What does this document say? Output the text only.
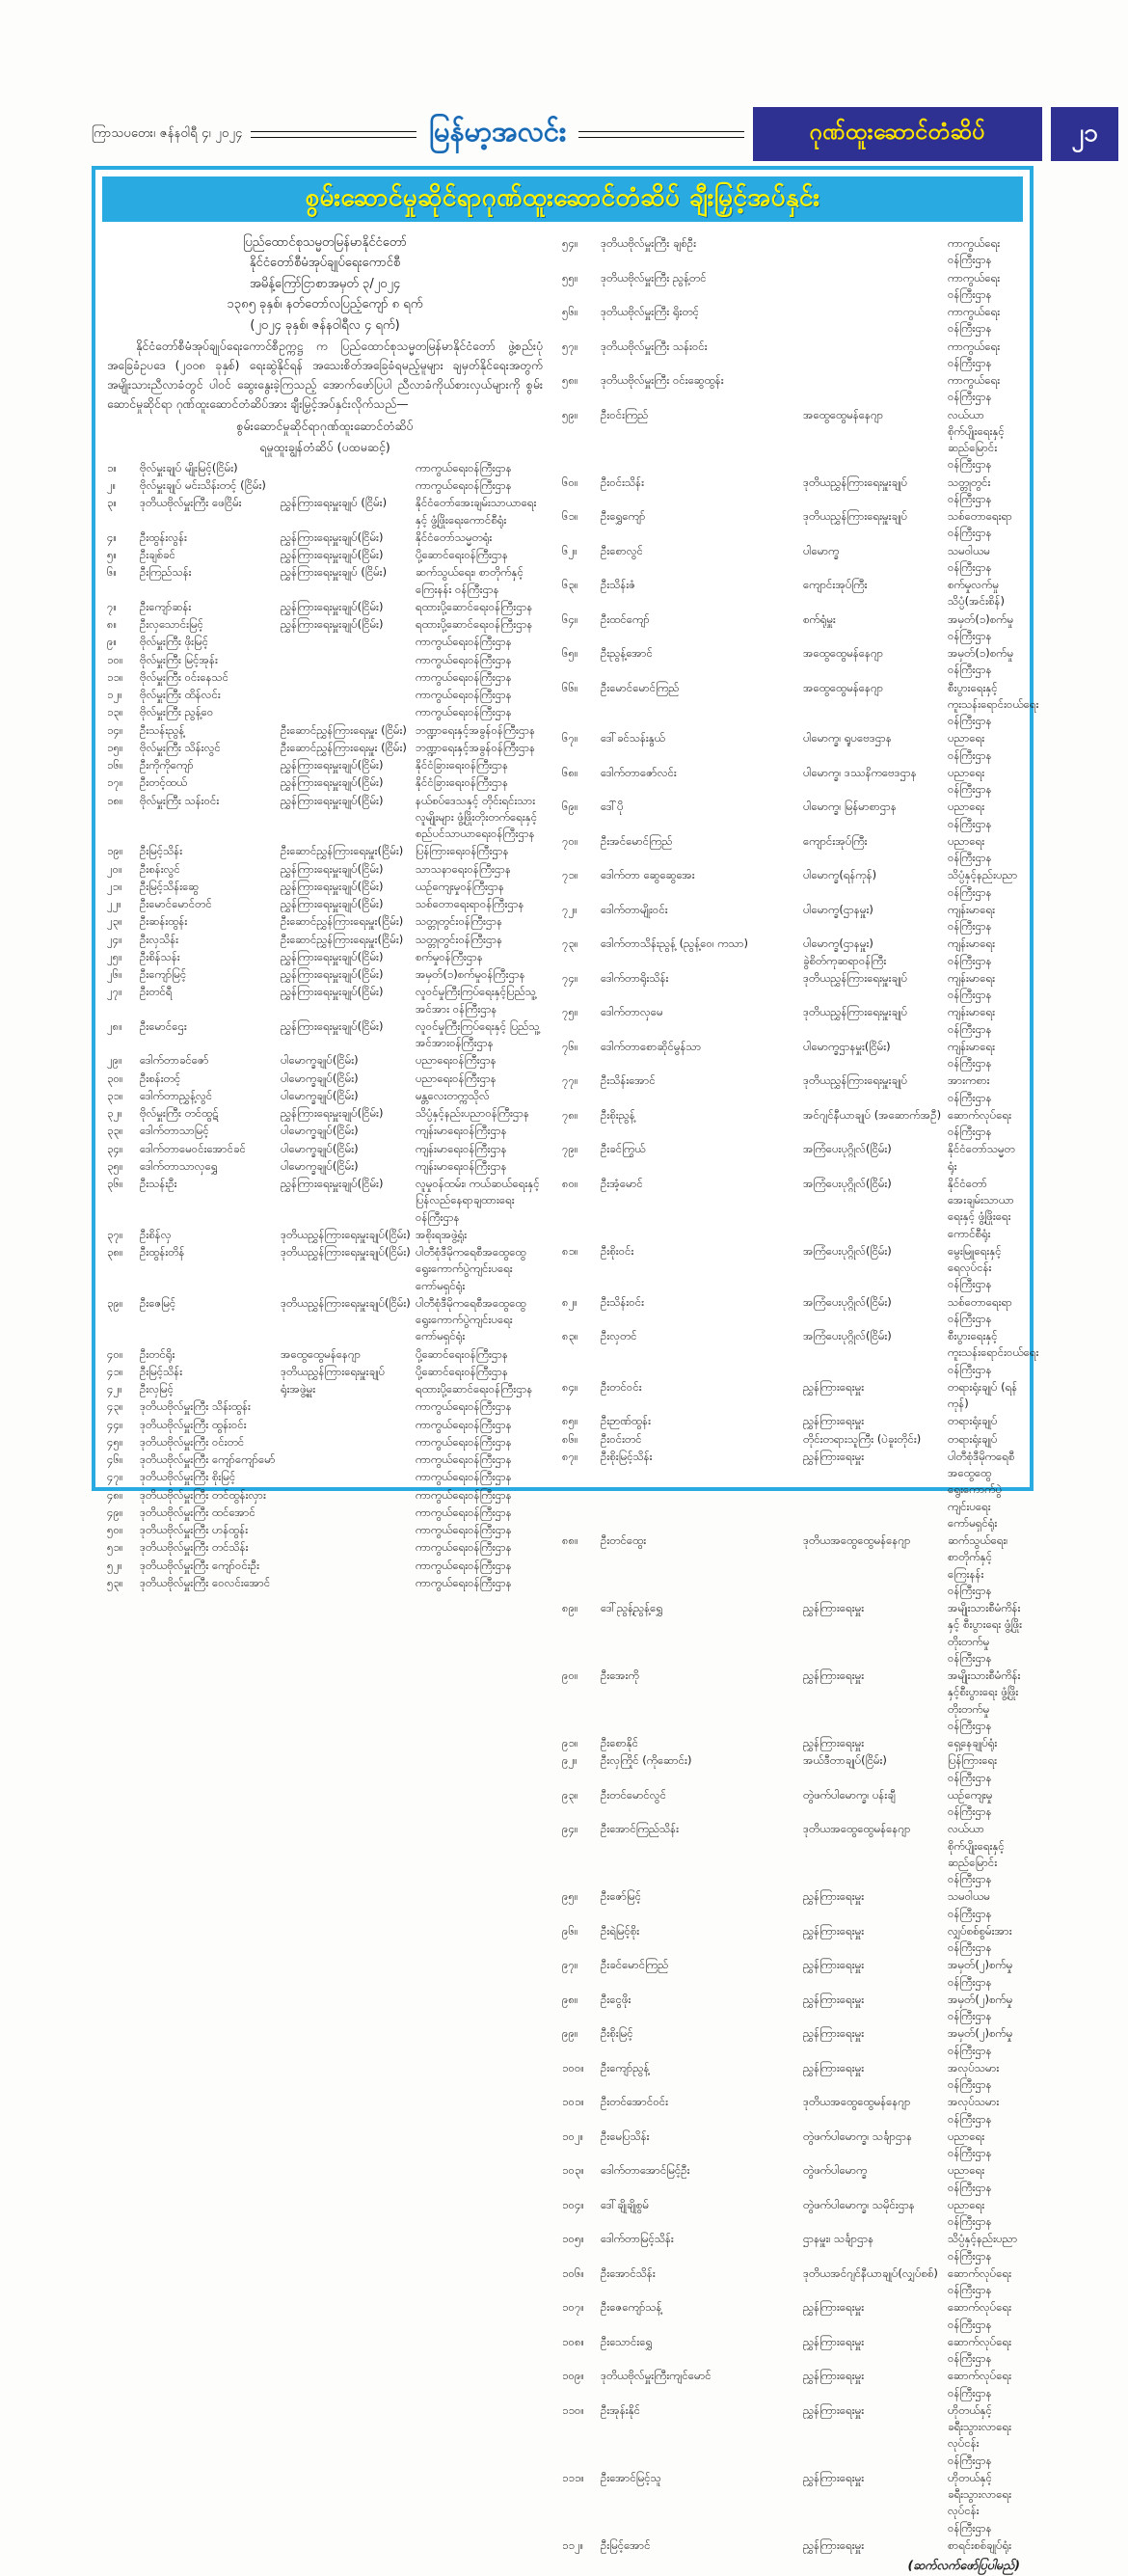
ကြာသပတေး၊ ဇန်နဝါရီ ၄၊ ၂၀၂၄	မြန်မာ့အလင်း	ဂုဏ်ထူးဆောင်တံဆိပ်	၂၁
စွမ်းဆောင်မှုဆိုင်ရာဂုဏ်ထူးဆောင်တံဆိပ် ချီးမြှင့်အပ်နှင်း
ပြည်ထောင်စုသမ္မတမြန်မာနိုင်ငံတော်
နိုင်ငံတော်စီမံအုပ်ချုပ်ရေးကောင်စီ
အမိန့်ကြော်ငြာစာအမှတ် ၃/၂၀၂၄
၁၃၈၅ ခုနှစ်၊ နတ်တော်လပြည့်ကျော် ၈ ရက်
(၂၀၂၄ ခုနှစ်၊ ဇန်နဝါရီလ ၄ ရက်)
နိုင်ငံတော်စီမံအုပ်ချုပ်ရေးကောင်စီဥက္ကဋ္ဌ က ပြည်ထောင်စုသမ္မတမြန်မာနိုင်ငံတော် ဖွဲ့စည်းပုံအခြေခံဥပဒေ (၂၀၀၈ ခုနှစ်) ရေးဆွဲနိုင်ရန် အသေးစိတ်အခြေခံရမည့်မူများ ချမှတ်နိုင်ရေးအတွက် အမျိုးသားညီလာခံတွင် ပါဝင် ဆွေးနွေးခဲ့ကြသည့် အောက်ဖော်ပြပါ ညီလာခံကိုယ်စားလှယ်များကို စွမ်းဆောင်မှုဆိုင်ရာ ဂုဏ်ထူးဆောင်တံဆိပ်အား ချီးမြှင့်အပ်နှင်းလိုက်သည်—
စွမ်းဆောင်မှုဆိုင်ရာဂုဏ်ထူးဆောင်တံဆိပ်
ရမှုထူးချွန်တံဆိပ် (ပထမဆင့်)
၁။	ဗိုလ်မှူးချုပ် မျိုးမြင့်(ငြိမ်း)	ကာကွယ်ရေးဝန်ကြီးဌာန
၂။	ဗိုလ်မှူးချုပ် မင်းသိန်းတင့် (ငြိမ်း)	ကာကွယ်ရေးဝန်ကြီးဌာန
၃။	ဒုတိယဗိုလ်မှူးကြီး ဖေငြိမ်း	ညွှန်ကြားရေးမှူးချုပ် (ငြိမ်း)	နိုင်ငံတော်အေးချမ်းသာယာရေးနှင့် ဖွံ့ဖြိုးရေးကောင်စီရုံး
၄။	ဦးထွန်းလွန်း	ညွှန်ကြားရေးမှူးချုပ်(ငြိမ်း)	နိုင်ငံတော်သမ္မတရုံး
၅။	ဦးချစ်ခင်	ညွှန်ကြားရေးမှူးချုပ်(ငြိမ်း)	ပို့ဆောင်ရေးဝန်ကြီးဌာန
၆။	ဦးကြည်သန်း	ညွှန်ကြားရေးမှူးချုပ် (ငြိမ်း)	ဆက်သွယ်ရေး၊ စာတိုက်နှင့် ကြေးနန်း ဝန်ကြီးဌာန
၇။	ဦးကျော်ဆန်း	ညွှန်ကြားရေးမှူးချုပ်(ငြိမ်း)	ရထားပို့ဆောင်ရေးဝန်ကြီးဌာန
၈။	ဦးလှသောင်းမြင့်	ညွှန်ကြားရေးမှူးချုပ်(ငြိမ်း)	ရထားပို့ဆောင်ရေးဝန်ကြီးဌာန
၉။	ဗိုလ်မှူးကြီး ဖိုးမြင့်	ကာကွယ်ရေးဝန်ကြီးဌာန
၁၀။	ဗိုလ်မှူးကြီး မြင့်အုန်း	ကာကွယ်ရေးဝန်ကြီးဌာန
၁၁။	ဗိုလ်မှူးကြီး ဝင်းနေသင်	ကာကွယ်ရေးဝန်ကြီးဌာန
၁၂။	ဗိုလ်မှူးကြီး ထိန်လင်း	ကာကွယ်ရေးဝန်ကြီးဌာန
၁၃။	ဗိုလ်မှူးကြီး ညွန့်ဝေ	ကာကွယ်ရေးဝန်ကြီးဌာန
၁၄။	ဦးသန်းညွန့်	ဦးဆောင်ညွှန်ကြားရေးမှူး (ငြိမ်း) ဘဏ္ဍာရေးနှင့်အခွန်ဝန်ကြီးဌာန
၁၅။	ဗိုလ်မှူးကြီး သိန်းလွင်	ဦးဆောင်ညွှန်ကြားရေးမှူး (ငြိမ်း) ဘဏ္ဍာရေးနှင့်အခွန်ဝန်ကြီးဌာန
၁၆။	ဦးကိုကိုကျော်	ညွှန်ကြားရေးမှူးချုပ်(ငြိမ်း)	နိုင်ငံခြားရေးဝန်ကြီးဌာန
၁၇။	ဦးတင့်ထယ်	ညွှန်ကြားရေးမှူးချုပ်(ငြိမ်း)	နိုင်ငံခြားရေးဝန်ကြီးဌာန
၁၈။	ဗိုလ်မှူးကြီး သန်းဝင်း	ညွှန်ကြားရေးမှူးချုပ်(ငြိမ်း)	နယ်စပ်ဒေသနှင့် တိုင်းရင်းသား လူမျိုးများ ဖွံ့ဖြိုးတိုးတက်ရေးနှင့် စည်ပင်သာယာရေးဝန်ကြီးဌာန
၁၉။	ဦးမြင့်သိန်း	ဦးဆောင်ညွှန်ကြားရေးမှူး(ငြိမ်း)	ပြန်ကြားရေးဝန်ကြီးဌာန
၂၀။	ဦးစန်းလွင်	ညွှန်ကြားရေးမှူးချုပ်(ငြိမ်း)	သာသနာရေးဝန်ကြီးဌာန
၂၁။	ဦးမြင့်သိန်းဆွေ	ညွှန်ကြားရေးမှူးချုပ်(ငြိမ်း)	ယဉ်ကျေးမှုဝန်ကြီးဌာန
၂၂။	ဦးမောင်မောင်တင်	ညွှန်ကြားရေးမှူးချုပ်(ငြိမ်း)	သစ်တောရေးရာဝန်ကြီးဌာန
၂၃။	ဦးဆန်းထွန်း	ဦးဆောင်ညွှန်ကြားရေးမှူး(ငြိမ်း)	သတ္တုတွင်းဝန်ကြီးဌာန
၂၄။	ဦးလှသိန်း	ဦးဆောင်ညွှန်ကြားရေးမှူး(ငြိမ်း)	သတ္တုတွင်းဝန်ကြီးဌာန
၂၅။	ဦးစိန်သန်း	ညွှန်ကြားရေးမှူးချုပ်(ငြိမ်း)	စက်မှုဝန်ကြီးဌာန
၂၆။	ဦးကျော်မြင့်	ညွှန်ကြားရေးမှူးချုပ်(ငြိမ်း)	အမှတ်(၁)စက်မှုဝန်ကြီးဌာန
၂၇။	ဦးတင်ရီ	ညွှန်ကြားရေးမှူးချုပ်(ငြိမ်း)	လူဝင်မှုကြီးကြပ်ရေးနှင့်ပြည်သူ့အင်အား ဝန်ကြီးဌာန
၂၈။	ဦးမောင်ဌေး	ညွှန်ကြားရေးမှူးချုပ်(ငြိမ်း)	လူဝင်မှုကြီးကြပ်ရေးနှင့် ပြည်သူ့ အင်အားဝန်ကြီးဌာန
၂၉။	ဒေါက်တာခင်ဇော်	ပါမောက္ခချုပ်(ငြိမ်း)	ပညာရေးဝန်ကြီးဌာန
၃၀။	ဦးစန်းတင့်	ပါမောက္ခချုပ်(ငြိမ်း)	ပညာရေးဝန်ကြီးဌာန
၃၁။	ဒေါက်တာညွှန့်လွင်	ပါမောက္ခချုပ်(ငြိမ်း)	မန္တလေးတက္ကသိုလ်
၃၂။	ဗိုလ်မှူးကြီး တင်ထွဋ်	ညွှန်ကြားရေးမှူးချုပ်(ငြိမ်း)	သိပ္ပံနှင့်နည်းပညာဝန်ကြီးဌာန
၃၃။	ဒေါက်တာသာမြင့်	ပါမောက္ခချုပ်(ငြိမ်း)	ကျန်းမာရေးဝန်ကြီးဌာန
၃၄။	ဒေါက်တာမေဝင်းအောင်ခင်	ပါမောက္ခချုပ်(ငြိမ်း)	ကျန်းမာရေးဝန်ကြီးဌာန
၃၅။	ဒေါက်တာသာလှရွှေ	ပါမောက္ခချုပ်(ငြိမ်း)	ကျန်းမာရေးဝန်ကြီးဌာန
၃၆။	ဦးသန်းဦး	ညွှန်ကြားရေးမှူးချုပ်(ငြိမ်း)	လူမှုဝန်ထမ်း၊ ကယ်ဆယ်ရေးနှင့် ပြန်လည်နေရာချထားရေးဝန်ကြီးဌာန
၃၇။	ဦးစိန်လှ	ဒုတိယညွှန်ကြားရေးမှူးချုပ်(ငြိမ်း) အစိုးရအဖွဲ့ရုံး
၃၈။	ဦးထွန်းတိန်	ဒုတိယညွှန်ကြားရေးမှူးချုပ်(ငြိမ်း) ပါတီစုံဒီမိုကရေစီအထွေထွေ ရွေးကောက်ပွဲကျင်းပရေးကော်မရှင်ရုံး
၃၉။	ဦးဇေမြင့်	ဒုတိယညွှန်ကြားရေးမှူးချုပ်(ငြိမ်း) ပါတီစုံဒီမိုကရေစီအထွေထွေ ရွေးကောက်ပွဲကျင်းပရေးကော်မရှင်ရုံး
၄၀။	ဦးတင်ရိုး	အထွေထွေမန်နေဂျာ	ပို့ဆောင်ရေးဝန်ကြီးဌာန
၄၁။	ဦးမြင့်သိန်း	ဒုတိယညွှန်ကြားရေးမှူးချုပ်	ပို့ဆောင်ရေးဝန်ကြီးဌာန
၄၂။	ဦးလှမြင့်	ရုံးအဖွဲ့မှူး	ရထားပို့ဆောင်ရေးဝန်ကြီးဌာန
၄၃။	ဒုတိယဗိုလ်မှူးကြီး သိန်းထွန်း	ကာကွယ်ရေးဝန်ကြီးဌာန
၄၄။	ဒုတိယဗိုလ်မှူးကြီး ထွန်းဝင်း	ကာကွယ်ရေးဝန်ကြီးဌာန
၄၅။	ဒုတိယဗိုလ်မှူးကြီး ဝင်းတင်	ကာကွယ်ရေးဝန်ကြီးဌာန
၄၆။	ဒုတိယဗိုလ်မှူးကြီး ကျော်ကျော်မော်	ကာကွယ်ရေးဝန်ကြီးဌာန
၄၇။	ဒုတိယဗိုလ်မှူးကြီး စိုးမြင့်	ကာကွယ်ရေးဝန်ကြီးဌာန
၄၈။	ဒုတိယဗိုလ်မှူးကြီး တင်ထွန်းလှား	ကာကွယ်ရေးဝန်ကြီးဌာန
၄၉။	ဒုတိယဗိုလ်မှူးကြီး ထင်အောင်	ကာကွယ်ရေးဝန်ကြီးဌာန
၅၀။	ဒုတိယဗိုလ်မှူးကြီး ဟန်ထွန်း	ကာကွယ်ရေးဝန်ကြီးဌာန
၅၁။	ဒုတိယဗိုလ်မှူးကြီး တင်သိန်း	ကာကွယ်ရေးဝန်ကြီးဌာန
၅၂။	ဒုတိယဗိုလ်မှူးကြီး ကျော်ဝင်းဦး	ကာကွယ်ရေးဝန်ကြီးဌာန
၅၃။	ဒုတိယဗိုလ်မှူးကြီး ဝေလင်းအောင်	ကာကွယ်ရေးဝန်ကြီးဌာန
၅၄။	ဒုတိယဗိုလ်မှူးကြီး ချစ်ဦး	ကာကွယ်ရေးဝန်ကြီးဌာန
၅၅။	ဒုတိယဗိုလ်မှူးကြီး ညွန့်တင်	ကာကွယ်ရေးဝန်ကြီးဌာန
၅၆။	ဒုတိယဗိုလ်မှူးကြီး ရိုးတင့်	ကာကွယ်ရေးဝန်ကြီးဌာန
၅၇။	ဒုတိယဗိုလ်မှူးကြီး သန်းဝင်း	ကာကွယ်ရေးဝန်ကြီးဌာန
၅၈။	ဒုတိယဗိုလ်မှူးကြီး ဝင်းဆွေထွန်း	ကာကွယ်ရေးဝန်ကြီးဌာန
၅၉။	ဦးဝင်းကြည်	အထွေထွေမန်နေဂျာ	လယ်ယာစိုက်ပျိုးရေးနှင့် ဆည်မြောင်း ဝန်ကြီးဌာန
၆၀။	ဦးဝင်းသိန်း	ဒုတိယညွှန်ကြားရေးမှူးချုပ်	သတ္တုတွင်းဝန်ကြီးဌာန
၆၁။	ဦးရွှေကျော်	ဒုတိယညွှန်ကြားရေးမှူးချုပ်	သစ်တောရေးရာဝန်ကြီးဌာန
၆၂။	ဦးစောလွင်	ပါမောက္ခ	သမဝါယမဝန်ကြီးဌာန
၆၃။	ဦးသိန်းဇံ	ကျောင်းအုပ်ကြီး	စက်မှုလက်မှုသိပ္ပံ(အင်းစိန်)
၆၄။	ဦးထင်ကျော်	စက်ရုံမှူး	အမှတ်(၁)စက်မှုဝန်ကြီးဌာန
၆၅။	ဦးညွန့်အောင်	အထွေထွေမန်နေဂျာ	အမှတ်(၁)စက်မှုဝန်ကြီးဌာန
၆၆။	ဦးမောင်မောင်ကြည်	အထွေထွေမန်နေဂျာ	စီးပွားရေးနှင့် ကူးသန်းရောင်းဝယ်ရေး ဝန်ကြီးဌာန
၆၇။	ဒေါ်ခင်သန်းနွယ်	ပါမောက္ခ၊ ရူပဗေဒဌာန	ပညာရေးဝန်ကြီးဌာန
၆၈။	ဒေါက်တာဇော်လင်း	ပါမောက္ခ၊ ဒဿနိကဗေဒဌာန	ပညာရေးဝန်ကြီးဌာန
၆၉။	ဒေါ်ပို	ပါမောက္ခ၊ မြန်မာစာဌာန	ပညာရေးဝန်ကြီးဌာန
၇၀။	ဦးအင်မောင်ကြည်	ကျောင်းအုပ်ကြီး	ပညာရေးဝန်ကြီးဌာန
၇၁။	ဒေါက်တာ ဆွေဆွေအေး	ပါမောက္ခ(ရန်ကုန်)	သိပ္ပံနှင့်နည်းပညာဝန်ကြီးဌာန
၇၂။	ဒေါက်တာမျိုးဝင်း	ပါမောက္ခ(ဌာနမှူး)	ကျန်းမာရေးဝန်ကြီးဌာန
၇၃။	ဒေါက်တာသိန်းညွန့် (ညွန့်ဝေ၊ ကသာ)	ပါမောက္ခ(ဌာနမှူး) ခွဲစိတ်ကုဆရာဝန်ကြီး
ကျန်းမာရေးဝန်ကြီးဌာန
၇၄။	ဒေါက်တာရိုးသိန်း	ဒုတိယညွှန်ကြားရေးမှူးချုပ်	ကျန်းမာရေးဝန်ကြီးဌာန
၇၅။	ဒေါက်တာလှမေ	ဒုတိယညွှန်ကြားရေးမှူးချုပ်	ကျန်းမာရေးဝန်ကြီးဌာန
၇၆။	ဒေါက်တာစောဆိုင်မွန်သာ	ပါမောက္ခဌာနမှူး(ငြိမ်း)	ကျန်းမာရေးဝန်ကြီးဌာန
၇၇။	ဦးသိန်းအောင်	ဒုတိယညွှန်ကြားရေးမှူးချုပ်	အားကစားဝန်ကြီးဌာန
၇၈။	ဦးစိုးညွန့်	အင်ဂျင်နီယာချုပ် (အဆောက်အဦ) ဆောက်လုပ်ရေးဝန်ကြီးဌာန
၇၉။	ဦးခင်ကြွယ်	အကြံပေးပုဂ္ဂိုလ်(ငြိမ်း)	နိုင်ငံတော်သမ္မတရုံး
၈၀။	ဦးအံ့မောင်	အကြံပေးပုဂ္ဂိုလ်(ငြိမ်း)	နိုင်ငံတော်အေးချမ်းသာယာရေးနှင့် ဖွံ့ဖြိုးရေးကောင်စီရုံး
၈၁။	ဦးစိုးဝင်း	အကြံပေးပုဂ္ဂိုလ်(ငြိမ်း)	မွေးမြူရေးနှင့် ရေလုပ်ငန်းဝန်ကြီးဌာန
၈၂။	ဦးသိန်းဝင်း	အကြံပေးပုဂ္ဂိုလ်(ငြိမ်း)	သစ်တောရေးရာဝန်ကြီးဌာန
၈၃။	ဦးလှတင်	အကြံပေးပုဂ္ဂိုလ်(ငြိမ်း)	စီးပွားရေးနှင့် ကူးသန်းရောင်းဝယ်ရေး ဝန်ကြီးဌာန
၈၄။	ဦးတင်ဝင်း	ညွှန်ကြားရေးမှူး	တရားရုံးချုပ် (ရန်ကုန်)
၈၅။	ဦးဉာဏ်ထွန်း	ညွှန်ကြားရေးမှူး	တရားရုံးချုပ်
၈၆။	ဦးဝင်းတင်	တိုင်းတရားသူကြီး (ပဲခူးတိုင်း)	တရားရုံးချုပ်
၈၇။	ဦးစိုးမြင့်သိန်း	ညွှန်ကြားရေးမှူး	ပါတီစုံဒီမိုကရေစီအထွေထွေ ရွေးကောက်ပွဲကျင်းပရေးကော်မရှင်ရုံး
၈၈။	ဦးတင်ထွေး	ဒုတိယအထွေထွေမန်နေဂျာ	ဆက်သွယ်ရေး၊ စာတိုက်နှင့် ကြေးနန်း ဝန်ကြီးဌာန
၈၉။	ဒေါ်ညွန့်ညွန့်ရွှေ	ညွှန်ကြားရေးမှူး	အမျိုးသားစီမံကိန်းနှင့် စီးပွားရေး ဖွံ့ဖြိုးတိုးတက်မှုဝန်ကြီးဌာန
၉၀။	ဦးအေးကို	ညွှန်ကြားရေးမှူး	အမျိုးသားစီမံကိန်းနှင့်စီးပွားရေး ဖွံ့ဖြိုးတိုးတက်မှုဝန်ကြီးဌာန
၉၁။	ဦးစောနိုင်	ညွှန်ကြားရေးမှူး	ရှေ့နေချုပ်ရုံး
၉၂။	ဦးလှကြိုင် (ကိုဆောင်း)	အယ်ဒီတာချုပ်(ငြိမ်း)	ပြန်ကြားရေးဝန်ကြီးဌာန
၉၃။	ဦးတင်မောင်လွင်	တွဲဖက်ပါမောက္ခ၊ ပန်းချီ	ယဉ်ကျေးမှုဝန်ကြီးဌာန
၉၄။	ဦးအောင်ကြည်သိန်း	ဒုတိယအထွေထွေမန်နေဂျာ	လယ်ယာစိုက်ပျိုးရေးနှင့် ဆည်မြောင်း ဝန်ကြီးဌာန
၉၅။	ဦးဇော်မြင့်	ညွှန်ကြားရေးမှူး	သမဝါယမဝန်ကြီးဌာန
၉၆။	ဦးရဲမြင့်စိုး	ညွှန်ကြားရေးမှူး	လျှပ်စစ်စွမ်းအားဝန်ကြီးဌာန
၉၇။	ဦးခင်မောင်ကြည်	ညွှန်ကြားရေးမှူး	အမှတ်(၂)စက်မှုဝန်ကြီးဌာန
၉၈။	ဦးငွေဖိုး	ညွှန်ကြားရေးမှူး	အမှတ်(၂)စက်မှုဝန်ကြီးဌာန
၉၉။	ဦးစိုးမြင့်	ညွှန်ကြားရေးမှူး	အမှတ်(၂)စက်မှုဝန်ကြီးဌာန
၁၀၀။	ဦးကျော်ညွန့်	ညွှန်ကြားရေးမှူး	အလုပ်သမားဝန်ကြီးဌာန
၁၀၁။	ဦးတင်အောင်ဝင်း	ဒုတိယအထွေထွေမန်နေဂျာ	အလုပ်သမားဝန်ကြီးဌာန
၁၀၂။	ဦးမေပြသိန်း	တွဲဖက်ပါမောက္ခ၊ သင်္ချာဌာန	ပညာရေးဝန်ကြီးဌာန
၁၀၃။	ဒေါက်တာအောင်မြင့်ဦး	တွဲဖက်ပါမောက္ခ	ပညာရေးဝန်ကြီးဌာန
၁၀၄။	ဒေါ်ချိုချိုစွမ်	တွဲဖက်ပါမောက္ခ၊ သမိုင်းဌာန	ပညာရေးဝန်ကြီးဌာန
၁၀၅။	ဒေါက်တာမြင့်သိန်း	ဌာနမှူး၊ သင်္ချာဌာန	သိပ္ပံနှင့်နည်းပညာဝန်ကြီးဌာန
၁၀၆။	ဦးအောင်သိန်း	ဒုတိယအင်ဂျင်နီယာချုပ်(လျှပ်စစ်) ဆောက်လုပ်ရေးဝန်ကြီးဌာန
၁၀၇။	ဦးဇေကျော်သန့်	ညွှန်ကြားရေးမှူး	ဆောက်လုပ်ရေးဝန်ကြီးဌာန
၁၀၈။	ဦးသောင်းရွှေ	ညွှန်ကြားရေးမှူး	ဆောက်လုပ်ရေးဝန်ကြီးဌာန
၁၀၉။	ဒုတိယဗိုလ်မှူးကြီးကျင်မောင်	ညွှန်ကြားရေးမှူး	ဆောက်လုပ်ရေးဝန်ကြီးဌာန
၁၁၀။	ဦးအုန်းနိုင်	ညွှန်ကြားရေးမှူး	ဟိုတယ်နှင့်ခရီးသွားလာရေးလုပ်ငန်း ဝန်ကြီးဌာန
၁၁၁။	ဦးအောင်မြင့်သူ	ညွှန်ကြားရေးမှူး	ဟိုတယ်နှင့်ခရီးသွားလာရေးလုပ်ငန်း ဝန်ကြီးဌာန
၁၁၂။	ဦးမြင့်အောင်	ညွှန်ကြားရေးမှူး	စာရင်းစစ်ချုပ်ရုံး
(ဆက်လက်ဖော်ပြပါမည်)
